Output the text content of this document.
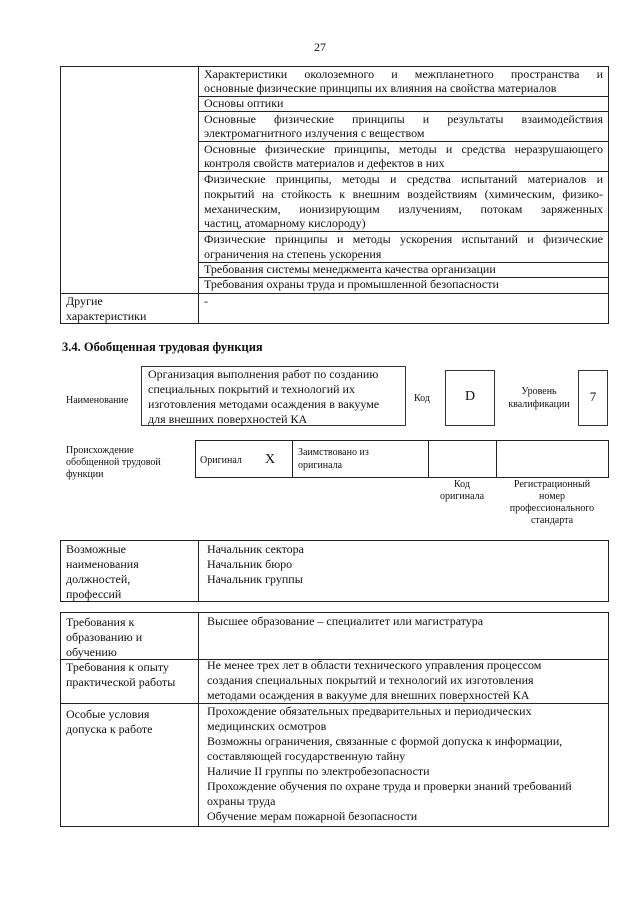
27
Характеристики околоземного и межпланетного пространства и
основные физические принципы их влияния на свойства материалов
Основы оптики
Основные физические принципы и результаты взаимодействия
электромагнитного излучения с веществом
Основные физические принципы, методы и средства неразрушающего
контроля свойств материалов и дефектов в них
Физические принципы, методы и средства испытаний материалов и
покрытий на стойкость к внешним воздействиям (химическим, физико-
механическим, ионизирующим излучениям, потокам заряженных
частиц, атомарному кислороду)
Физические принципы и методы ускорения испытаний и физические
ограничения на степень ускорения
Требования системы менеджмента качества организации
Требования охраны труда и промышленной безопасности
Другие
характеристики
-
3.4. Обобщенная трудовая функция
Наименование
Организация выполнения работ по созданию
специальных покрытий и технологий их
изготовления методами осаждения в вакууме
для внешних поверхностей КА
Код	D	Уровень
квалификации
7
Происхождение
обобщенной трудовой
функции
Оригинал X Заимствовано из
оригинала
Код
оригинала
Регистрационный
номер
профессионального
стандарта
Возможные
наименования
должностей,
профессий
Начальник сектора
Начальник бюро
Начальник группы
Требования к
образованию и
обучению
Высшее образование – специалитет или магистратура
Требования к опыту
практической работы
Не менее трех лет в области технического управления процессом
создания специальных покрытий и технологий их изготовления
методами осаждения в вакууме для внешних поверхностей КА
Особые условия
допуска к работе
Прохождение обязательных предварительных и периодических
медицинских осмотров
Возможны ограничения, связанные с формой допуска к информации,
составляющей государственную тайну
Наличие II группы по электробезопасности
Прохождение обучения по охране труда и проверки знаний требований
охраны труда
Обучение мерам пожарной безопасности
